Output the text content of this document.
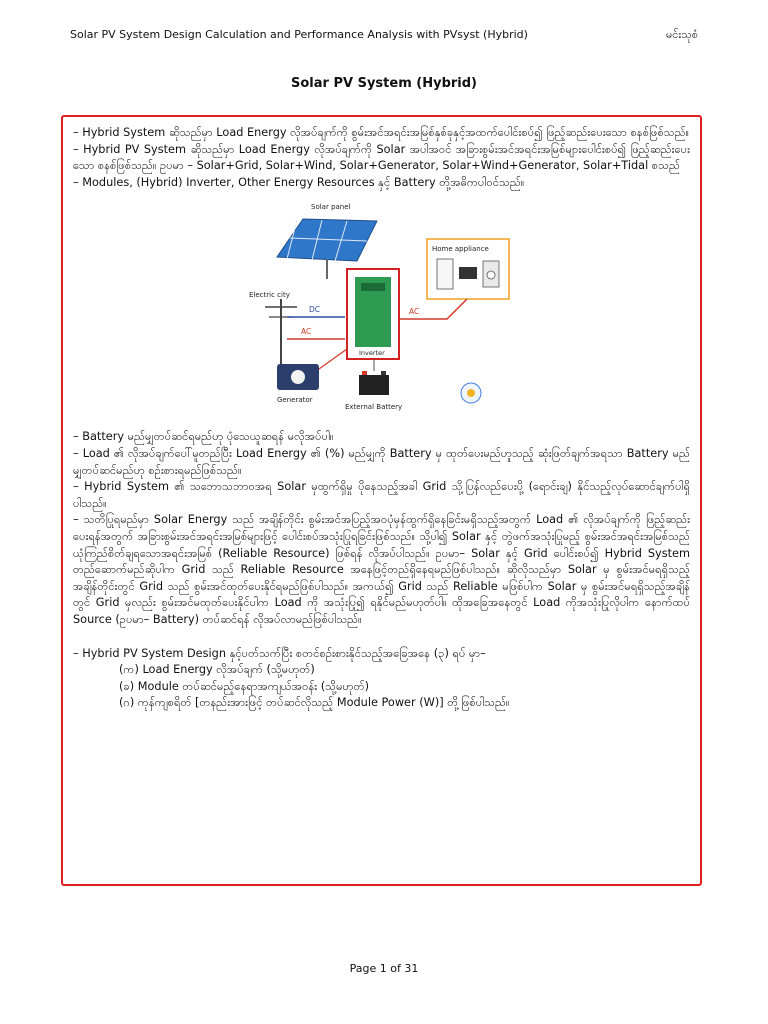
Solar PV System Design Calculation and Performance Analysis with PVsyst (Hybrid)	မင်းသုစံ
Solar PV System (Hybrid)

– Hybrid System ဆိုသည်မှာ Load Energy လိုအပ်ချက်ကို စွမ်းအင်အရင်းအမြစ်နှစ်ခုနှင့်အထက်ပေါင်းစပ်၍ ဖြည့်ဆည်းပေးသော စနစ်ဖြစ်သည်။

– Hybrid PV System ဆိုသည်မှာ Load Energy လိုအပ်ချက်ကို Solar အပါအဝင် အခြားစွမ်းအင်အရင်းအမြစ်များပေါင်းစပ်၍ ဖြည့်ဆည်းပေးသော စနစ်ဖြစ်သည်။ ဥပမာ – Solar+Grid, Solar+Wind, Solar+Generator, Solar+Wind+Generator, Solar+Tidal စသည်

– Modules, (Hybrid) Inverter, Other Energy Resources နှင့် Battery တို့အဓိကပါဝင်သည်။

Solar panel
Home appliance
Electric city
Inverter
DC
AC
AC
Generator
External Battery

– Battery မည်မျှတပ်ဆင်ရမည်ဟု ပုံသေယူဆရန် မလိုအပ်ပါ။

– Load ၏ လိုအပ်ချက်ပေါ်မူတည်ပြီး Load Energy ၏ (%) မည်မျှကို Battery မှ ထုတ်ပေးမည်ဟူသည့် ဆုံးဖြတ်ချက်အရသာ Battery မည်မျှတပ်ဆင်မည်ဟု စဉ်းစားရမည်ဖြစ်သည်။

– Hybrid System ၏ သဘောသဘာဝအရ Solar မှထွက်ရှိမှု ပိုနေသည့်အခါ Grid သို့ပြန်လည်ပေးပို့ (ရောင်းချ) နိုင်သည့်လုပ်ဆောင်ချက်ပါရှိပါသည်။

– သတိပြုရမည်မှာ Solar Energy သည် အချိန်တိုင်း စွမ်းအင်အပြည့်အဝပုံမှန်ထွက်ရှိနေခြင်းမရှိသည့်အတွက် Load ၏ လိုအပ်ချက်ကို ဖြည့်ဆည်းပေးရန်အတွက် အခြားစွမ်းအင်အရင်းအမြစ်များဖြင့် ပေါင်းစပ်အသုံးပြုရခြင်းဖြစ်သည်။ သို့ပါ၍ Solar နှင့် တွဲဖက်အသုံးပြုမည့် စွမ်းအင်အရင်းအမြစ်သည် ယုံကြည်စိတ်ချရသောအရင်းအမြစ် (Reliable Resource) ဖြစ်ရန် လိုအပ်ပါသည်။ ဥပမာ– Solar နှင့် Grid ပေါင်းစပ်၍ Hybrid System တည်ဆောက်မည်ဆိုပါက Grid သည် Reliable Resource အနေဖြင့်တည်ရှိနေရမည်ဖြစ်ပါသည်။ ဆိုလိုသည်မှာ Solar မှ စွမ်းအင်မရရှိသည့် အချိန်တိုင်းတွင် Grid သည် စွမ်းအင်ထုတ်ပေးနိုင်ရမည်ဖြစ်ပါသည်။ အကယ်၍ Grid သည် Reliable မဖြစ်ပါက Solar မှ စွမ်းအင်မရရှိသည့်အချိန်တွင် Grid မှလည်း စွမ်းအင်မထုတ်ပေးနိုင်ပါက Load ကို အသုံးပြု၍ ရနိုင်မည်မဟုတ်ပါ။ ထိုအခြေအနေတွင် Load ကိုအသုံးပြုလိုပါက နောက်ထပ် Source (ဥပမာ– Battery) တပ်ဆင်ရန် လိုအပ်လာမည်ဖြစ်ပါသည်။

– Hybrid PV System Design နှင့်ပတ်သက်ပြီး စတင်စဉ်းစားနိုင်သည့်အခြေအနေ (၃) ရပ် မှာ–

(က) Load Energy လိုအပ်ချက် (သို့မဟုတ်)

(ခ) Module တပ်ဆင်မည့်နေရာအကျယ်အဝန်း (သို့မဟုတ်)

(ဂ) ကုန်ကျစရိတ် [တနည်းအားဖြင့် တပ်ဆင်လိုသည့် Module Power (W)] တို့ဖြစ်ပါသည်။

Page 1 of 31
